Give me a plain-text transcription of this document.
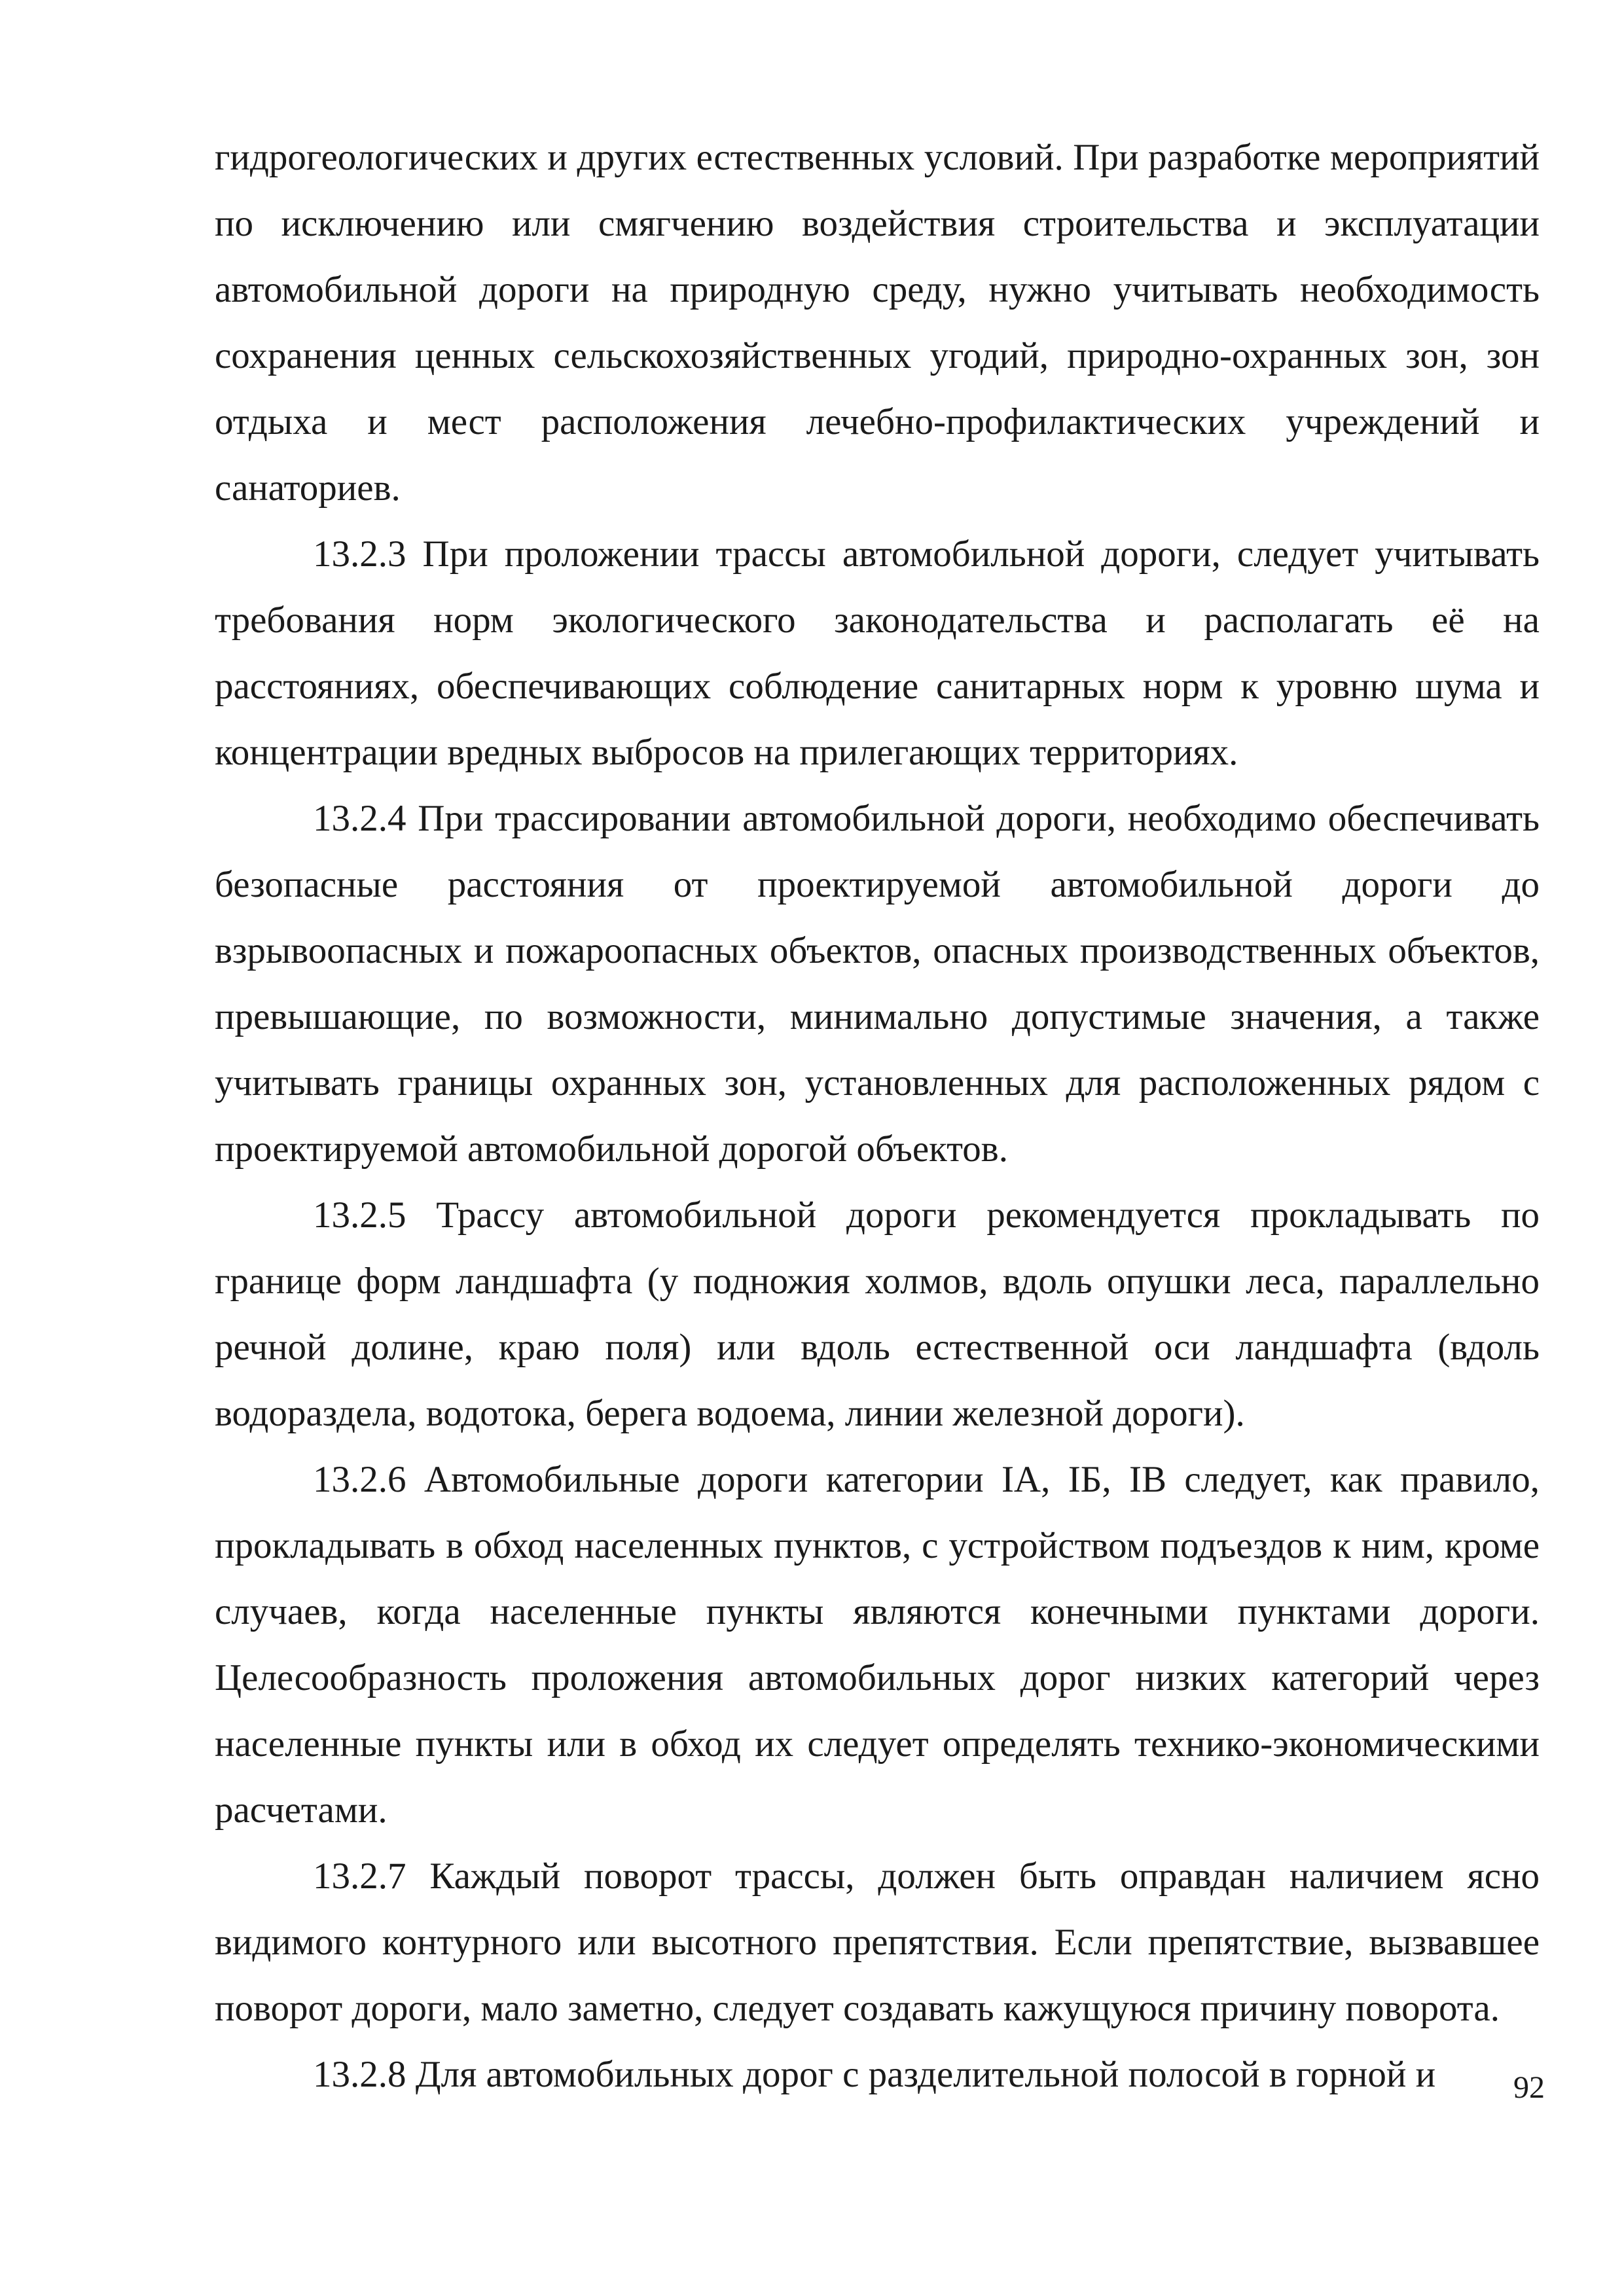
гидрогеологических и других естественных условий. При разработке мероприятий по исключению или смягчению воздействия строительства и эксплуатации автомобильной дороги на природную среду, нужно учитывать необходимость сохранения ценных сельскохозяйственных угодий, природно-охранных зон, зон отдыха и мест расположения лечебно-профилактических учреждений и санаториев.

13.2.3 При проложении трассы автомобильной дороги, следует учитывать требования норм экологического законодательства и располагать её на расстояниях, обеспечивающих соблюдение санитарных норм к уровню шума и концентрации вредных выбросов на прилегающих территориях.

13.2.4 При трассировании автомобильной дороги, необходимо обеспечивать безопасные расстояния от проектируемой автомобильной дороги до взрывоопасных и пожароопасных объектов, опасных производственных объектов, превышающие, по возможности, минимально допустимые значения, а также учитывать границы охранных зон, установленных для расположенных рядом с проектируемой автомобильной дорогой объектов.

13.2.5 Трассу автомобильной дороги рекомендуется прокладывать по границе форм ландшафта (у подножия холмов, вдоль опушки леса, параллельно речной долине, краю поля) или вдоль естественной оси ландшафта (вдоль водораздела, водотока, берега водоема, линии железной дороги).

13.2.6 Автомобильные дороги категории IА, IБ, IВ следует, как правило, прокладывать в обход населенных пунктов, с устройством подъездов к ним, кроме случаев, когда населенные пункты являются конечными пунктами дороги. Целесообразность проложения автомобильных дорог низких категорий через населенные пункты или в обход их следует определять технико-экономическими расчетами.

13.2.7 Каждый поворот трассы, должен быть оправдан наличием ясно видимого контурного или высотного препятствия. Если препятствие, вызвавшее поворот дороги, мало заметно, следует создавать кажущуюся причину поворота.

13.2.8 Для автомобильных дорог с разделительной полосой в горной и	92
